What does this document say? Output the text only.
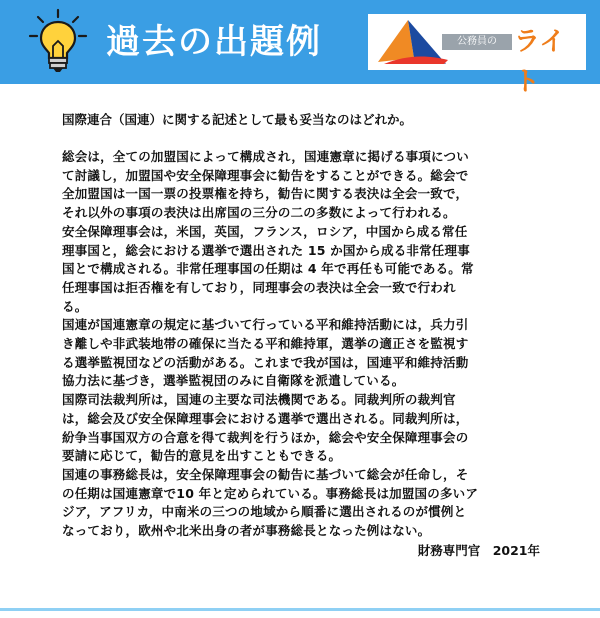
過去の出題例	公務員の ライト
国際連合（国連）に関する記述として最も妥当なのはどれか。
総会は，全ての加盟国によって構成され，国連憲章に掲げる事項につい
て討議し，加盟国や安全保障理事会に勧告をすることができる。総会で
全加盟国は一国一票の投票権を持ち，勧告に関する表決は全会一致で，
それ以外の事項の表決は出席国の三分の二の多数によって行われる。
安全保障理事会は，米国，英国，フランス，ロシア，中国から成る常任
理事国と，総会における選挙で選出された 15 か国から成る非常任理事
国とで構成される。非常任理事国の任期は 4 年で再任も可能である。常
任理事国は拒否権を有しており，同理事会の表決は全会一致で行われ
る。
国連が国連憲章の規定に基づいて行っている平和維持活動には，兵力引
き離しや非武装地帯の確保に当たる平和維持軍，選挙の適正さを監視す
る選挙監視団などの活動がある。これまで我が国は，国連平和維持活動
協力法に基づき，選挙監視団のみに自衛隊を派遣している。
国際司法裁判所は，国連の主要な司法機関である。同裁判所の裁判官
は，総会及び安全保障理事会における選挙で選出される。同裁判所は，
紛争当事国双方の合意を得て裁判を行うほか，総会や安全保障理事会の
要請に応じて，勧告的意見を出すこともできる。
国連の事務総長は，安全保障理事会の勧告に基づいて総会が任命し，そ
の任期は国連憲章で10 年と定められている。事務総長は加盟国の多いア
ジア，アフリカ，中南米の三つの地域から順番に選出されるのが慣例と
なっており，欧州や北米出身の者が事務総長となった例はない。
財務専門官　2021年
